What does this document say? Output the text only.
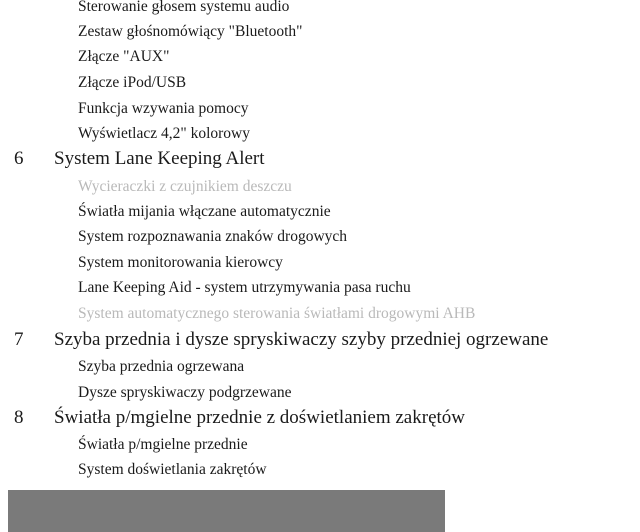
Sterowanie głosem systemu audio
Zestaw głośnomówiący "Bluetooth"
Złącze "AUX"
Złącze iPod/USB
Funkcja wzywania pomocy
Wyświetlacz 4,2" kolorowy
6 System Lane Keeping Alert
Wycieraczki z czujnikiem deszczu
Światła mijania włączane automatycznie
System rozpoznawania znaków drogowych
System monitorowania kierowcy
Lane Keeping Aid - system utrzymywania pasa ruchu
System automatycznego sterowania światłami drogowymi AHB
7 Szyba przednia i dysze spryskiwaczy szyby przedniej ogrzewane
Szyba przednia ogrzewana
Dysze spryskiwaczy podgrzewane
8 Światła p/mgielne przednie z doświetlaniem zakrętów
Światła p/mgielne przednie
System doświetlania zakrętów
